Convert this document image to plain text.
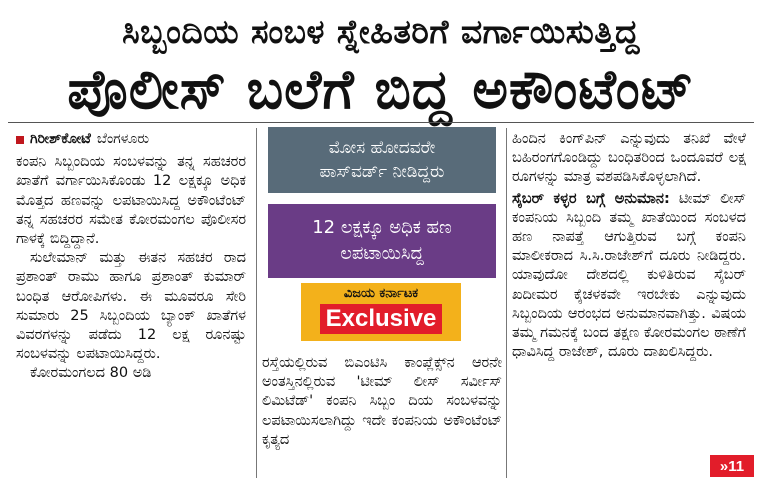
ಸಿಬ್ಬಂದಿಯ ಸಂಬಳ ಸ್ನೇಹಿತರಿಗೆ ವರ್ಗಾಯಿಸುತ್ತಿದ್ದ
ಪೊಲೀಸ್ ಬಲೆಗೆ ಬಿದ್ದ ಅಕೌಂಟೆಂಟ್
ಗಿರೀಶ್‌ಕೋಟೆ ಬೆಂಗಳೂರು

ಕಂಪನಿ ಸಿಬ್ಬಂದಿಯ ಸಂಬಳವನ್ನು ತನ್ನ ಸಹಚರರ ಖಾತೆಗೆ ವರ್ಗಾಯಿಸಿಕೊಂಡು 12 ಲಕ್ಷಕ್ಕೂ ಅಧಿಕ ಮೊತ್ತದ ಹಣವನ್ನು ಲಪಟಾಯಿಸಿದ್ದ ಅಕೌಂಟೆಂಟ್ ತನ್ನ ಸಹಚರರ ಸಮೇತ ಕೋರಮಂಗಲ ಪೊಲೀಸರ ಗಾಳಕ್ಕೆ ಬಿದ್ದಿದ್ದಾನೆ.

ಸುಲೇಮಾನ್ ಮತ್ತು ಈತನ ಸಹಚರ ರಾದ ಪ್ರಶಾಂತ್ ರಾಮು ಹಾಗೂ ಪ್ರಶಾಂತ್ ಕುಮಾರ್ ಬಂಧಿತ ಆರೋಪಿಗಳು. ಈ ಮೂವರೂ ಸೇರಿ ಸುಮಾರು 25 ಸಿಬ್ಬಂದಿಯ ಬ್ಯಾಂಕ್ ಖಾತೆಗಳ ವಿವರಗಳನ್ನು ಪಡೆದು 12 ಲಕ್ಷ ರೂನಷ್ಟು ಸಂಬಳವನ್ನು ಲಪಟಾಯಿಸಿದ್ದರು.

ಕೋರಮಂಗಲದ 80 ಅಡಿ

ಮೋಸ ಹೋದವರೇ
ಪಾಸ್‌ವರ್ಡ್ ನೀಡಿದ್ದರು
12 ಲಕ್ಷಕ್ಕೂ ಅಧಿಕ ಹಣ
ಲಪಟಾಯಿಸಿದ್ದ
ವಿಜಯ ಕರ್ನಾಟಕ
Exclusive

ರಸ್ತೆಯಲ್ಲಿರುವ ಬಿಎಂಟಿಸಿ ಕಾಂಪ್ಲೆಕ್ಸ್‌ನ ಆರನೇ ಅಂತಸ್ತಿನಲ್ಲಿರುವ 'ಟೀಮ್ ಲೀಸ್ ಸರ್ವೀಸ್ ಲಿಮಿಟೆಡ್' ಕಂಪನಿ ಸಿಬ್ಬಂ ದಿಯ ಸಂಬಳವನ್ನು ಲಪಟಾಯಿಸಲಾಗಿದ್ದು ಇದೇ ಕಂಪನಿಯ ಅಕೌಂಟೆಂಟ್ ಕೃತ್ಯದ

ಹಿಂದಿನ ಕಿಂಗ್‌ಪಿನ್ ಎನ್ನುವುದು ತನಿಖೆ ವೇಳೆ ಬಹಿರಂಗಗೊಂಡಿದ್ದು ಬಂಧಿತರಿಂದ ಒಂದೂವರೆ ಲಕ್ಷ ರೂಗಳನ್ನು ಮಾತ್ರ ವಶಪಡಿಸಿಕೊಳ್ಳಲಾಗಿದೆ.

ಸೈಬರ್ ಕಳ್ಳರ ಬಗ್ಗೆ ಅನುಮಾನ: ಟೀಮ್ ಲೀಸ್ ಕಂಪನಿಯ ಸಿಬ್ಬಂದಿ ತಮ್ಮ ಖಾತೆಯಿಂದ ಸಂಬಳದ ಹಣ ನಾಪತ್ತೆ ಆಗುತ್ತಿರುವ ಬಗ್ಗೆ ಕಂಪನಿ ಮಾಲೀಕರಾದ ಸಿ.ಸಿ.ರಾಜೇಶ್‌ಗೆ ದೂರು ನೀಡಿದ್ದರು. ಯಾವುದೋ ದೇಶದಲ್ಲಿ ಕುಳಿತಿರುವ ಸೈಬರ್ ಖದೀಮರ ಕೈಚಳಕವೇ ಇರಬೇಕು ಎನ್ನುವುದು ಸಿಬ್ಬಂದಿಯ ಆರಂಭದ ಅನುಮಾನವಾಗಿತ್ತು. ವಿಷಯ ತಮ್ಮ ಗಮನಕ್ಕೆ ಬಂದ ತಕ್ಷಣ ಕೋರಮಂಗಲ ಠಾಣೆಗೆ ಧಾವಿಸಿದ್ದ ರಾಜೇಶ್, ದೂರು ದಾಖಲಿಸಿದ್ದರು.

»11
